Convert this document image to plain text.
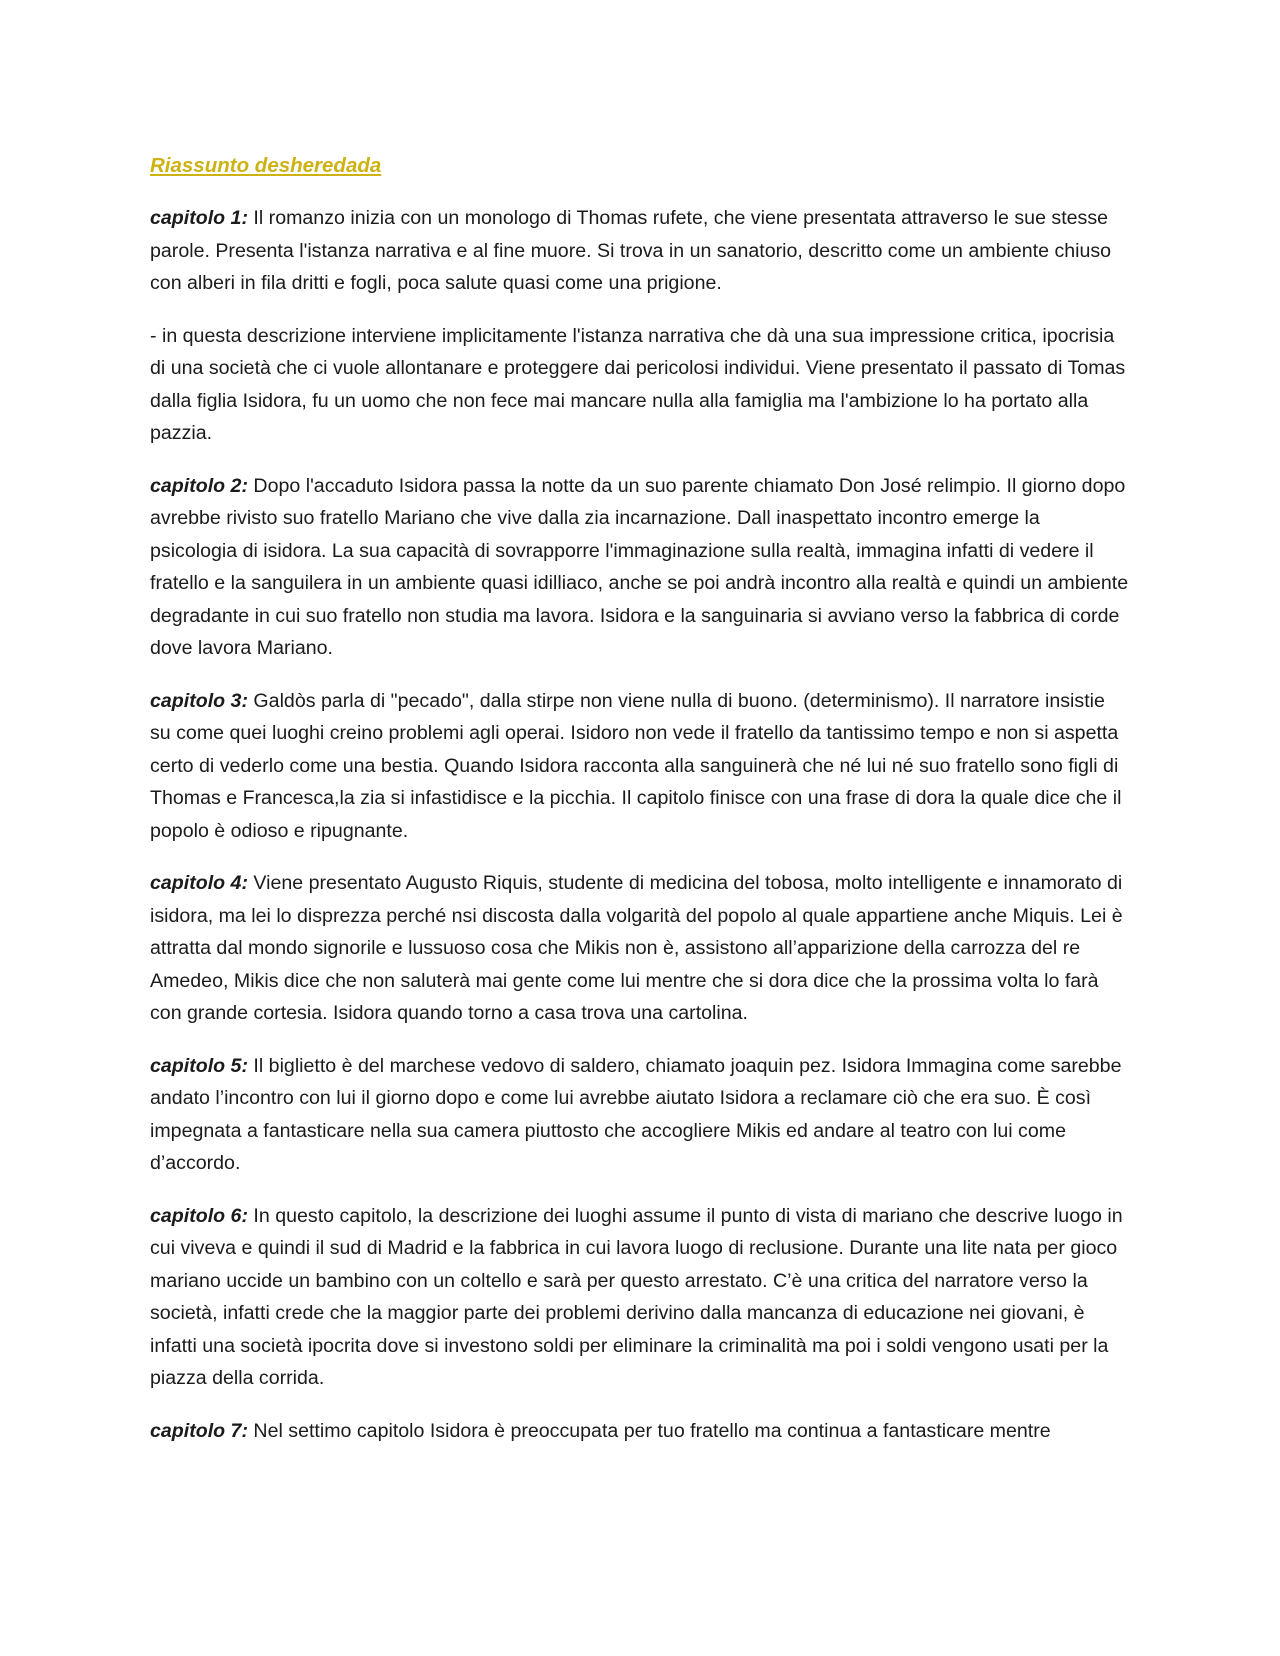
Riassunto desheredada

capitolo 1: Il romanzo inizia con un monologo di Thomas rufete, che viene presentata attraverso le sue stesse parole. Presenta l'istanza narrativa e al fine muore. Si trova in un sanatorio, descritto come un ambiente chiuso con alberi in fila dritti e fogli, poca salute quasi come una prigione.

- in questa descrizione interviene implicitamente l'istanza narrativa che dà una sua impressione critica, ipocrisia di una società che ci vuole allontanare e proteggere dai pericolosi individui. Viene presentato il passato di Tomas dalla figlia Isidora, fu un uomo che non fece mai mancare nulla alla famiglia ma l'ambizione lo ha portato alla pazzia.

capitolo 2: Dopo l'accaduto Isidora passa la notte da un suo parente chiamato Don José relimpio. Il giorno dopo avrebbe rivisto suo fratello Mariano che vive dalla zia incarnazione. Dall inaspettato incontro emerge la psicologia di isidora. La sua capacità di sovrapporre l'immaginazione sulla realtà, immagina infatti di vedere il fratello e la sanguilera in un ambiente quasi idilliaco, anche se poi andrà incontro alla realtà e quindi un ambiente degradante in cui suo fratello non studia ma lavora. Isidora e la sanguinaria si avviano verso la fabbrica di corde dove lavora Mariano.

capitolo 3: Galdòs parla di "pecado", dalla stirpe non viene nulla di buono. (determinismo). Il narratore insistie su come quei luoghi creino problemi agli operai. Isidoro non vede il fratello da tantissimo tempo e non si aspetta certo di vederlo come una bestia. Quando Isidora racconta alla sanguinerà che né lui né suo fratello sono figli di Thomas e Francesca,la zia si infastidisce e la picchia. Il capitolo finisce con una frase di dora la quale dice che il popolo è odioso e ripugnante.

capitolo 4: Viene presentato Augusto Riquis, studente di medicina del tobosa, molto intelligente e innamorato di isidora, ma lei lo disprezza perché nsi discosta dalla volgarità del popolo al quale appartiene anche Miquis. Lei è attratta dal mondo signorile e lussuoso cosa che Mikis non è, assistono all’apparizione della carrozza del re Amedeo, Mikis dice che non saluterà mai gente come lui mentre che si dora dice che la prossima volta lo farà con grande cortesia. Isidora quando torno a casa trova una cartolina.

capitolo 5: Il biglietto è del marchese vedovo di saldero, chiamato joaquin pez. Isidora Immagina come sarebbe andato l’incontro con lui il giorno dopo e come lui avrebbe aiutato Isidora a reclamare ciò che era suo. È così impegnata a fantasticare nella sua camera piuttosto che accogliere Mikis ed andare al teatro con lui come d’accordo.

capitolo 6: In questo capitolo, la descrizione dei luoghi assume il punto di vista di mariano che descrive luogo in cui viveva e quindi il sud di Madrid e la fabbrica in cui lavora luogo di reclusione. Durante una lite nata per gioco mariano uccide un bambino con un coltello e sarà per questo arrestato. C’è una critica del narratore verso la società, infatti crede che la maggior parte dei problemi derivino dalla mancanza di educazione nei giovani, è infatti una società ipocrita dove si investono soldi per eliminare la criminalità ma poi i soldi vengono usati per la piazza della corrida.

capitolo 7: Nel settimo capitolo Isidora è preoccupata per tuo fratello ma continua a fantasticare mentre
